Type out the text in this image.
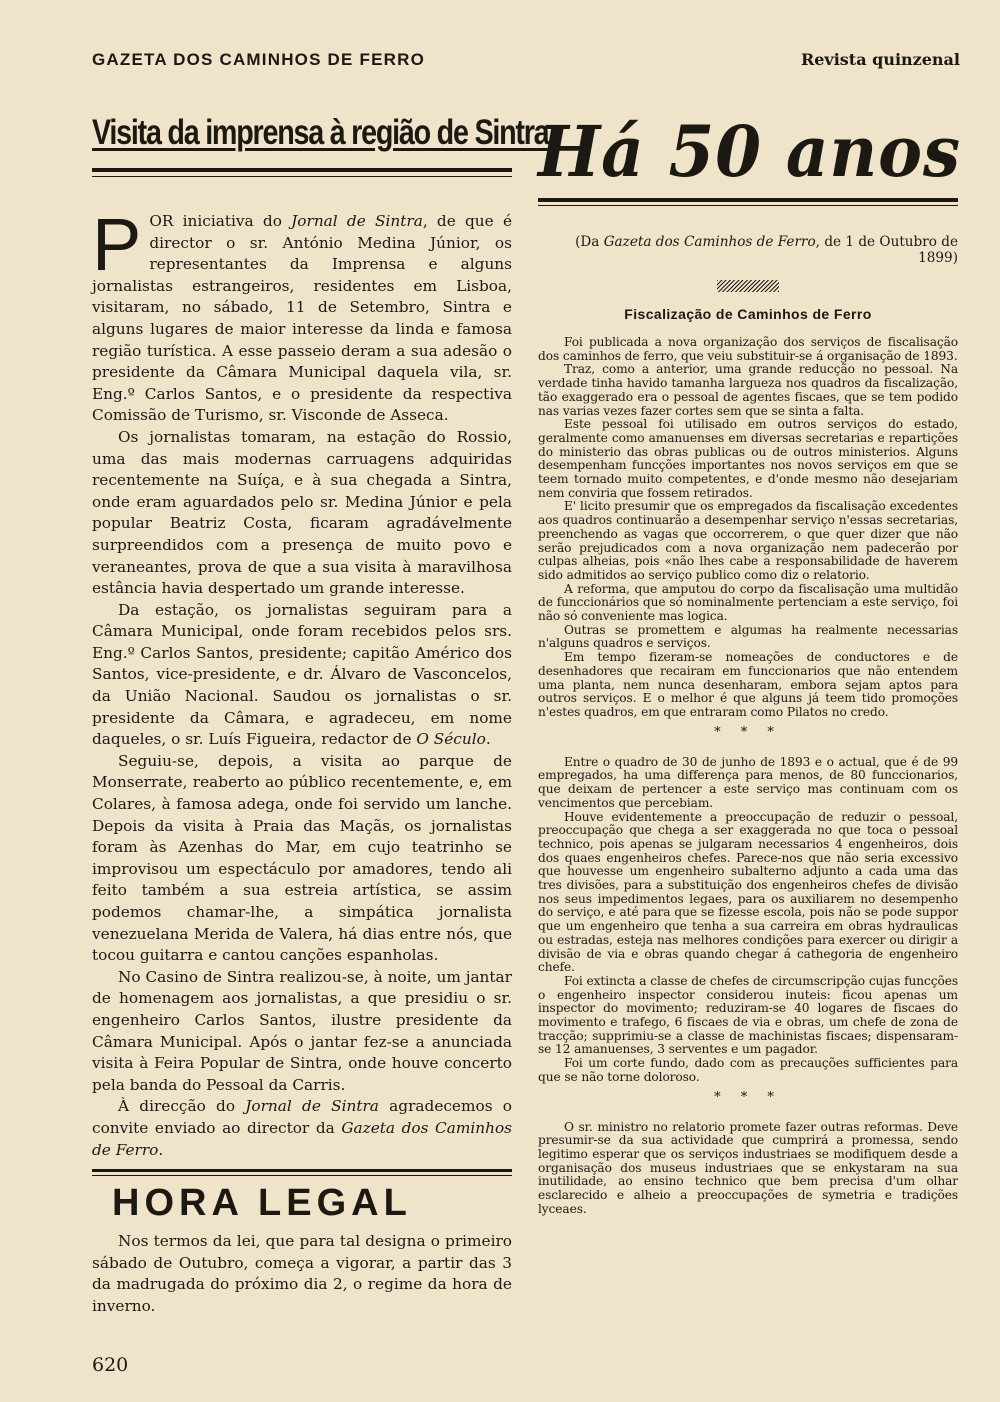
GAZETA DOS CAMINHOS DE FERRO	Revista quinzenal
Visita da imprensa à região de Sintra

POR iniciativa do Jornal de Sintra, de que é director o sr. António Medina Júnior, os representantes da Imprensa e alguns jornalistas estrangeiros, residentes em Lisboa, visitaram, no sábado, 11 de Setembro, Sintra e alguns lugares de maior interesse da linda e famosa região turística. A esse passeio deram a sua adesão o presidente da Câmara Municipal daquela vila, sr. Eng.º Carlos Santos, e o presidente da respectiva Comissão de Turismo, sr. Visconde de Asseca.

Os jornalistas tomaram, na estação do Rossio, uma das mais modernas carruagens adquiridas recentemente na Suíça, e à sua chegada a Sintra, onde eram aguardados pelo sr. Medina Júnior e pela popular Beatriz Costa, ficaram agradávelmente surpreendidos com a presença de muito povo e veraneantes, prova de que a sua visita à maravilhosa estância havia despertado um grande interesse.

Da estação, os jornalistas seguiram para a Câmara Municipal, onde foram recebidos pelos srs. Eng.º Carlos Santos, presidente; capitão Américo dos Santos, vice-presidente, e dr. Álvaro de Vasconcelos, da União Nacional. Saudou os jornalistas o sr. presidente da Câmara, e agradeceu, em nome daqueles, o sr. Luís Figueira, redactor de O Século.

Seguiu-se, depois, a visita ao parque de Monserrate, reaberto ao público recentemente, e, em Colares, à famosa adega, onde foi servido um lanche. Depois da visita à Praia das Maçãs, os jornalistas foram às Azenhas do Mar, em cujo teatrinho se improvisou um espectáculo por amadores, tendo ali feito também a sua estreia artística, se assim podemos chamar-lhe, a simpática jornalista venezuelana Merida de Valera, há dias entre nós, que tocou guitarra e cantou canções espanholas.

No Casino de Sintra realizou-se, à noite, um jantar de homenagem aos jornalistas, a que presidiu o sr. engenheiro Carlos Santos, ilustre presidente da Câmara Municipal. Após o jantar fez-se a anunciada visita à Feira Popular de Sintra, onde houve concerto pela banda do Pessoal da Carris.

À direcção do Jornal de Sintra agradecemos o convite enviado ao director da Gazeta dos Caminhos de Ferro.

HORA LEGAL

Nos termos da lei, que para tal designa o primeiro sábado de Outubro, começa a vigorar, a partir das 3 da madrugada do próximo dia 2, o regime da hora de inverno.

Há 50 anos
(Da Gazeta dos Caminhos de Ferro, de 1 de Outubro de 1899)
Fiscalização de Caminhos de Ferro

Foi publicada a nova organização dos serviços de fiscalisação dos caminhos de ferro, que veiu substituir-se á organisação de 1893.

Traz, como a anterior, uma grande reducção no pessoal. Na verdade tinha havido tamanha largueza nos quadros da fiscalização, tão exaggerado era o pessoal de agentes fiscaes, que se tem podido nas varias vezes fazer cortes sem que se sinta a falta.

Este pessoal foi utilisado em outros serviços do estado, geralmente como amanuenses em diversas secretarias e repartições do ministerio das obras publicas ou de outros ministerios. Alguns desempenham funcções importantes nos novos serviços em que se teem tornado muito competentes, e d'onde mesmo não desejariam nem conviria que fossem retirados.

E' licito presumir que os empregados da fiscalisação excedentes aos quadros continuarão a desempenhar serviço n'essas secretarias, preenchendo as vagas que occorrerem, o que quer dizer que não serão prejudicados com a nova organização nem padecerão por culpas alheias, pois «não lhes cabe a responsabilidade de haverem sido admitidos ao serviço publico como diz o relatorio.

A reforma, que amputou do corpo da fiscalisação uma multidão de funccionários que só nominalmente pertenciam a este serviço, foi não só conveniente mas logica.

Outras se promettem e algumas ha realmente necessarias n'alguns quadros e serviços.

Em tempo fizeram-se nomeações de conductores e de desenhadores que recairam em funccionarios que não entendem uma planta, nem nunca desenharam, embora sejam aptos para outros serviços. E o melhor é que alguns já teem tido promoções n'estes quadros, em que entraram como Pilatos no credo.

* * *

Entre o quadro de 30 de junho de 1893 e o actual, que é de 99 empregados, ha uma differença para menos, de 80 funccionarios, que deixam de pertencer a este serviço mas continuam com os vencimentos que percebiam.

Houve evidentemente a preoccupação de reduzir o pessoal, preoccupação que chega a ser exaggerada no que toca o pessoal technico, pois apenas se julgaram necessarios 4 engenheiros, dois dos quaes engenheiros chefes. Parece-nos que não seria excessivo que houvesse um engenheiro subalterno adjunto a cada uma das tres divisões, para a substituição dos engenheiros chefes de divisão nos seus impedimentos legaes, para os auxiliarem no desempenho do serviço, e até para que se fizesse escola, pois não se pode suppor que um engenheiro que tenha a sua carreira em obras hydraulicas ou estradas, esteja nas melhores condições para exercer ou dirigir a divisão de via e obras quando chegar á cathegoria de engenheiro chefe.

Foi extincta a classe de chefes de circumscripção cujas funcções o engenheiro inspector considerou inuteis: ficou apenas um inspector do movimento; reduziram-se 40 logares de fiscaes do movimento e trafego, 6 fiscaes de via e obras, um chefe de zona de tracção; supprimiu-se a classe de machinistas fiscaes; dispensaram-se 12 amanuenses, 3 serventes e um pagador.

Foi um corte fundo, dado com as precauções sufficientes para que se não torne doloroso.

* * *

O sr. ministro no relatorio promete fazer outras reformas. Deve presumir-se da sua actividade que cumprirá a promessa, sendo legitimo esperar que os serviços industriaes se modifiquem desde a organisação dos museus industriaes que se enkystaram na sua inutilidade, ao ensino technico que bem precisa d'um olhar esclarecido e alheio a preoccupações de symetria e tradições lyceaes.

620
